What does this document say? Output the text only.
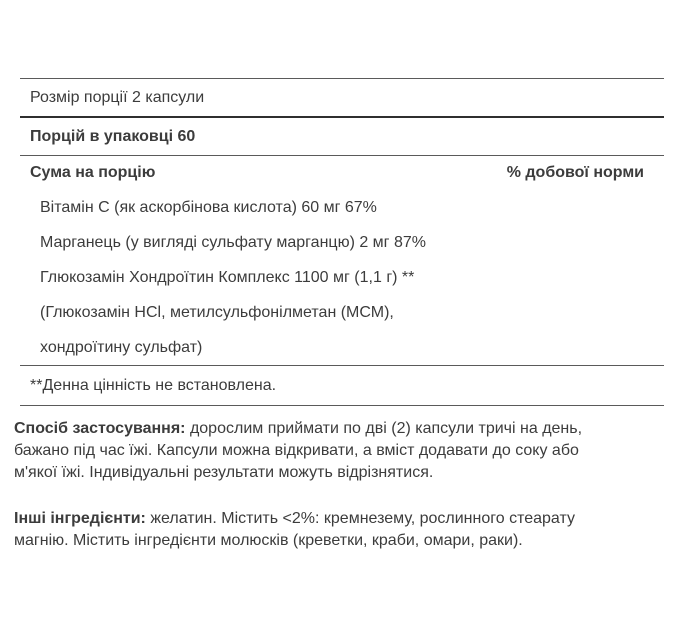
Розмір порції 2 капсули
Порцій в упаковці 60
Сума на порцію	% добової норми
Вітамін С (як аскорбінова кислота) 60 мг 67%
Марганець (у вигляді сульфату марганцю) 2 мг 87%
Глюкозамін Хондроїтин Комплекс 1100 мг (1,1 г) **
(Глюкозамін HCl, метилсульфонілметан (МСМ),
хондроїтину сульфат)
**Денна цінність не встановлена.
Спосіб застосування: дорослим приймати по дві (2) капсули тричі на день,
бажано під час їжі. Капсули можна відкривати, а вміст додавати до соку або
м'якої їжі. Індивідуальні результати можуть відрізнятися.
Інші інгредієнти: желатин. Містить <2%: кремнезему, рослинного стеарату
магнію. Містить інгредієнти молюсків (креветки, краби, омари, раки).
